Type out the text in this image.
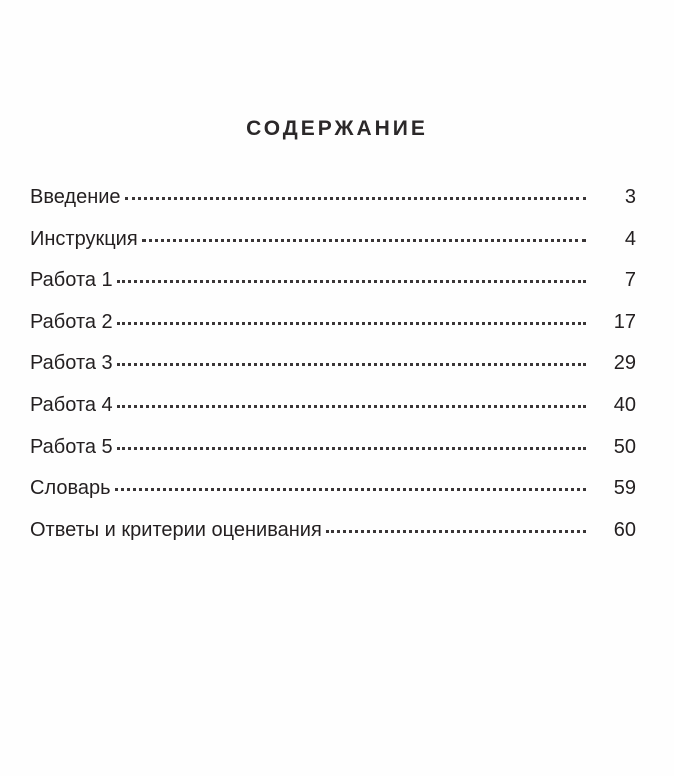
СОДЕРЖАНИЕ
Введение	3
Инструкция	4
Работа 1	7
Работа 2	17
Работа 3	29
Работа 4	40
Работа 5	50
Словарь	59
Ответы и критерии оценивания	60
